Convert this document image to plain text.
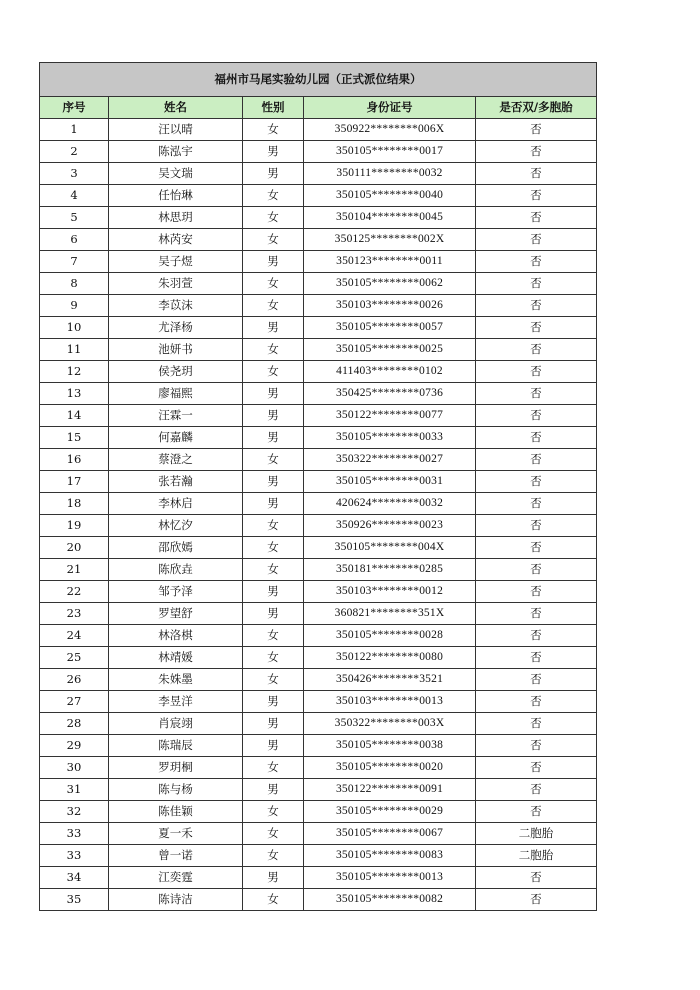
福州市马尾实验幼儿园（正式派位结果）				
序号	姓名	性别	身份证号	是否双/多胞胎
1	汪以晴	女	350922********006X	否
2	陈泓宇	男	350105********0017	否
3	吴文瑞	男	350111********0032	否
4	任怡琳	女	350105********0040	否
5	林思玥	女	350104********0045	否
6	林芮安	女	350125********002X	否
7	吴子煜	男	350123********0011	否
8	朱羽萱	女	350105********0062	否
9	李苡沫	女	350103********0026	否
10	尤泽杨	男	350105********0057	否
11	池妍书	女	350105********0025	否
12	侯尧玥	女	411403********0102	否
13	廖福熙	男	350425********0736	否
14	汪霖一	男	350122********0077	否
15	何嘉麟	男	350105********0033	否
16	蔡澄之	女	350322********0027	否
17	张若瀚	男	350105********0031	否
18	李林启	男	420624********0032	否
19	林忆汐	女	350926********0023	否
20	邵欣嫣	女	350105********004X	否
21	陈欣垚	女	350181********0285	否
22	邹予泽	男	350103********0012	否
23	罗望舒	男	360821********351X	否
24	林洛棋	女	350105********0028	否
25	林靖媛	女	350122********0080	否
26	朱姝墨	女	350426********3521	否
27	李昱洋	男	350103********0013	否
28	肖宸翊	男	350322********003X	否
29	陈瑞辰	男	350105********0038	否
30	罗玥桐	女	350105********0020	否
31	陈与杨	男	350122********0091	否
32	陈佳颖	女	350105********0029	否
33	夏一禾	女	350105********0067	二胞胎
33	曾一诺	女	350105********0083	二胞胎
34	江奕霆	男	350105********0013	否
35	陈诗洁	女	350105********0082	否
